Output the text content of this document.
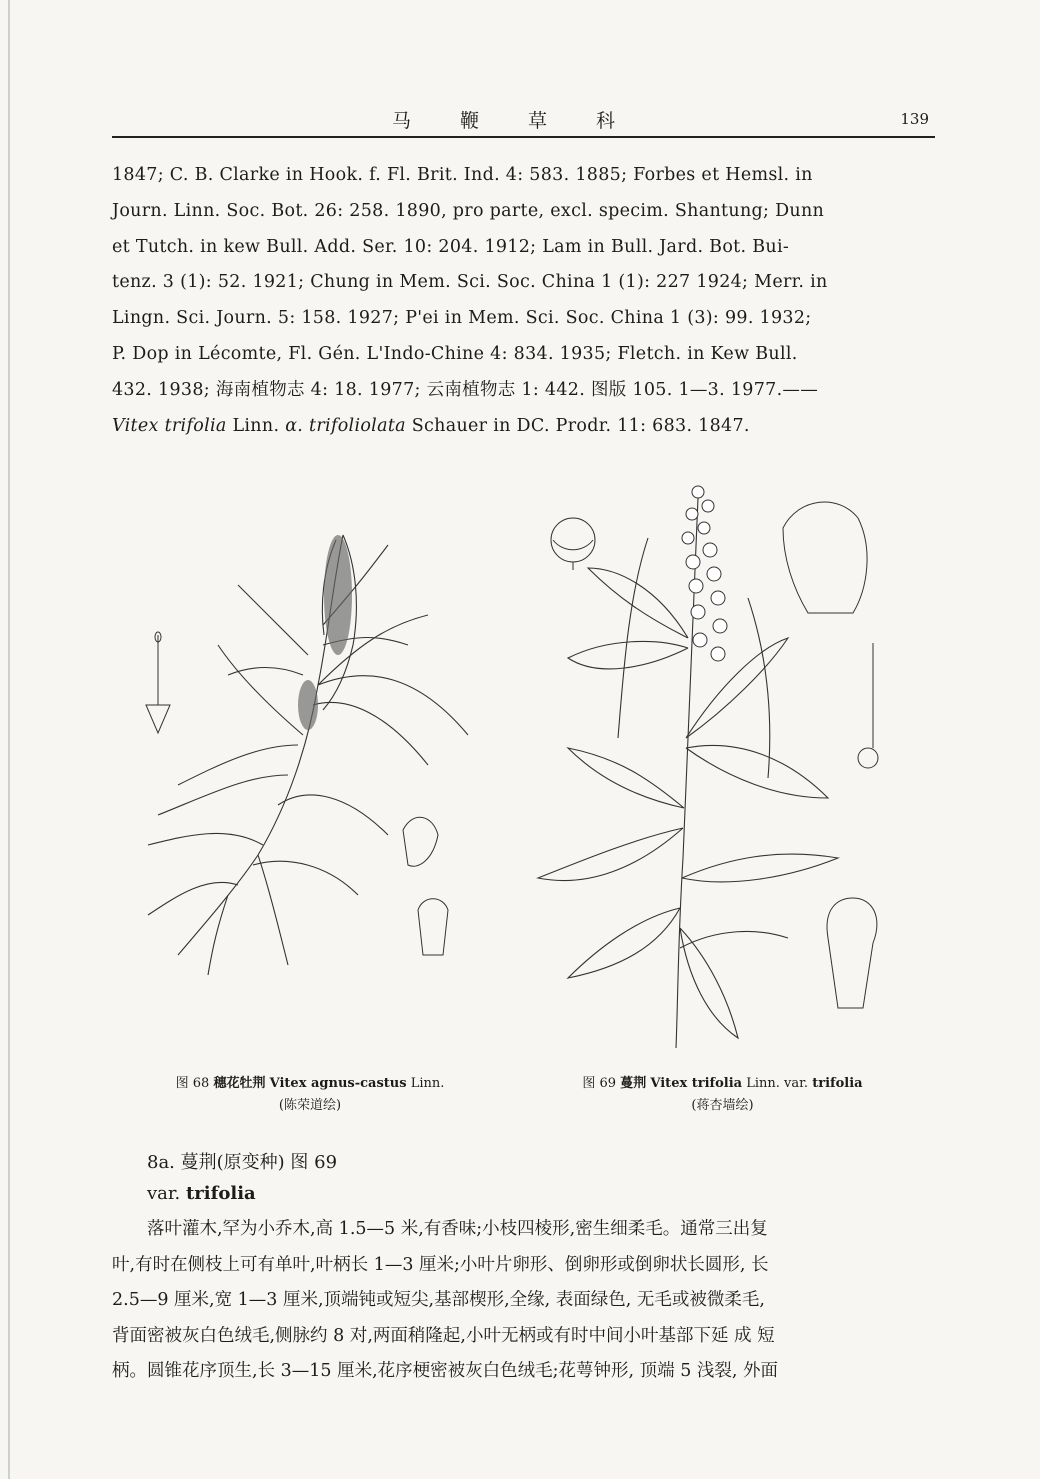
马	鞭	草	科	139
1847; C. B. Clarke in Hook. f. Fl. Brit. Ind. 4: 583. 1885; Forbes et Hemsl. in
Journ. Linn. Soc. Bot. 26: 258. 1890, pro parte, excl. specim. Shantung; Dunn
et Tutch. in kew Bull. Add. Ser. 10: 204. 1912; Lam in Bull. Jard. Bot. Bui-
tenz. 3 (1): 52. 1921; Chung in Mem. Sci. Soc. China 1 (1): 227 1924; Merr. in
Lingn. Sci. Journ. 5: 158. 1927; P'ei in Mem. Sci. Soc. China 1 (3): 99. 1932;
P. Dop in Lécomte, Fl. Gén. L'Indo-Chine 4: 834. 1935; Fletch. in Kew Bull.
432. 1938; 海南植物志 4: 18. 1977; 云南植物志 1: 442. 图版 105. 1—3. 1977.——
Vitex trifolia Linn. α. trifoliolata Schauer in DC. Prodr. 11: 683. 1847.
图 68 穗花牡荆 Vitex agnus-castus Linn.
(陈荣道绘)
图 69 蔓荆 Vitex trifolia Linn. var. trifolia
(蒋杏墙绘)
8a. 蔓荆(原变种) 图 69
var. trifolia
落叶灌木,罕为小乔木,高 1.5—5 米,有香味;小枝四棱形,密生细柔毛。通常三出复
叶,有时在侧枝上可有单叶,叶柄长 1—3 厘米;小叶片卵形、倒卵形或倒卵状长圆形, 长
2.5—9 厘米,宽 1—3 厘米,顶端钝或短尖,基部楔形,全缘, 表面绿色, 无毛或被微柔毛,
背面密被灰白色绒毛,侧脉约 8 对,两面稍隆起,小叶无柄或有时中间小叶基部下延 成 短
柄。圆锥花序顶生,长 3—15 厘米,花序梗密被灰白色绒毛;花萼钟形, 顶端 5 浅裂, 外面
